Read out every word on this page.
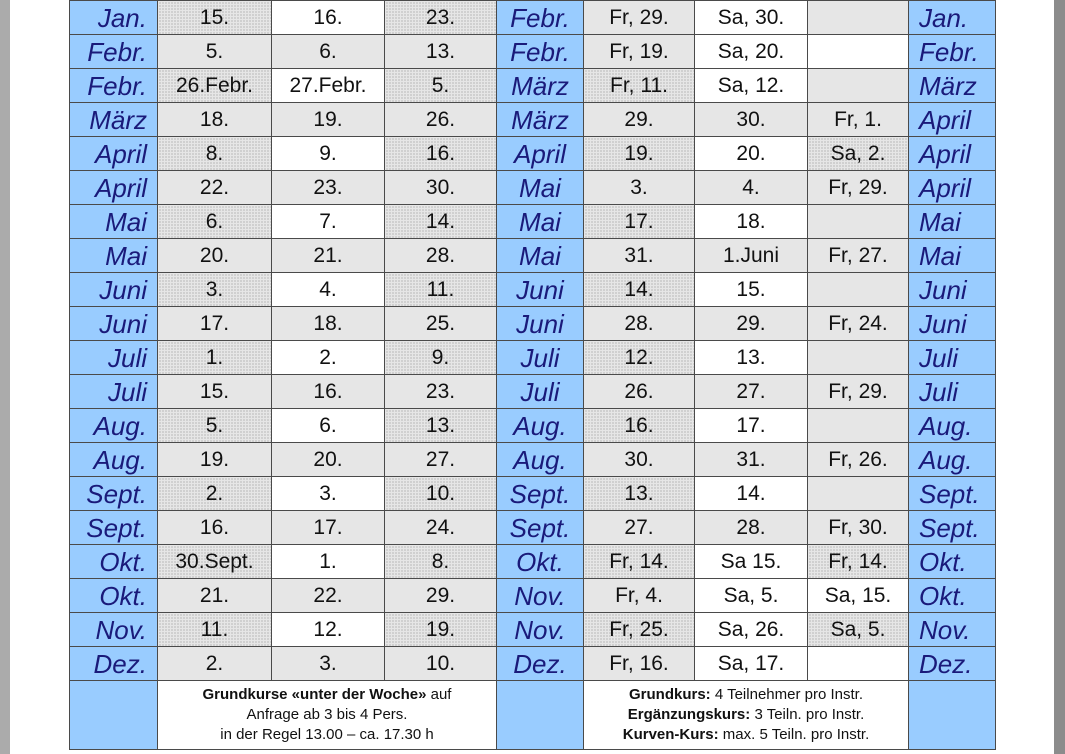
Jan.	15.	16.	23.	Febr.	Fr, 29.	Sa, 30.		Jan.
Febr.	5.	6.	13.	Febr.	Fr, 19.	Sa, 20.		Febr.
Febr.	26.Febr.	27.Febr.	5.	März	Fr, 11.	Sa, 12.		März
März	18.	19.	26.	März	29.	30.	Fr, 1.	April
April	8.	9.	16.	April	19.	20.	Sa, 2.	April
April	22.	23.	30.	Mai	3.	4.	Fr, 29.	April
Mai	6.	7.	14.	Mai	17.	18.		Mai
Mai	20.	21.	28.	Mai	31.	1.Juni	Fr, 27.	Mai
Juni	3.	4.	11.	Juni	14.	15.		Juni
Juni	17.	18.	25.	Juni	28.	29.	Fr, 24.	Juni
Juli	1.	2.	9.	Juli	12.	13.		Juli
Juli	15.	16.	23.	Juli	26.	27.	Fr, 29.	Juli
Aug.	5.	6.	13.	Aug.	16.	17.		Aug.
Aug.	19.	20.	27.	Aug.	30.	31.	Fr, 26.	Aug.
Sept.	2.	3.	10.	Sept.	13.	14.		Sept.
Sept.	16.	17.	24.	Sept.	27.	28.	Fr, 30.	Sept.
Okt.	30.Sept.	1.	8.	Okt.	Fr, 14.	Sa 15.	Fr, 14.	Okt.
Okt.	21.	22.	29.	Nov.	Fr, 4.	Sa, 5.	Sa, 15.	Okt.
Nov.	11.	12.	19.	Nov.	Fr, 25.	Sa, 26.	Sa, 5.	Nov.
Dez.	2.	3.	10.	Dez.	Fr, 16.	Sa, 17.		Dez.
	Grundkurse «unter der Woche» auf
Anfrage ab 3 bis 4 Pers.
in der Regel 13.00 – ca. 17.30 h				Grundkurs: 4 Teilnehmer pro Instr.
Ergänzungskurs: 3 Teiln. pro Instr.
Kurven-Kurs: max. 5 Teiln. pro Instr.			
